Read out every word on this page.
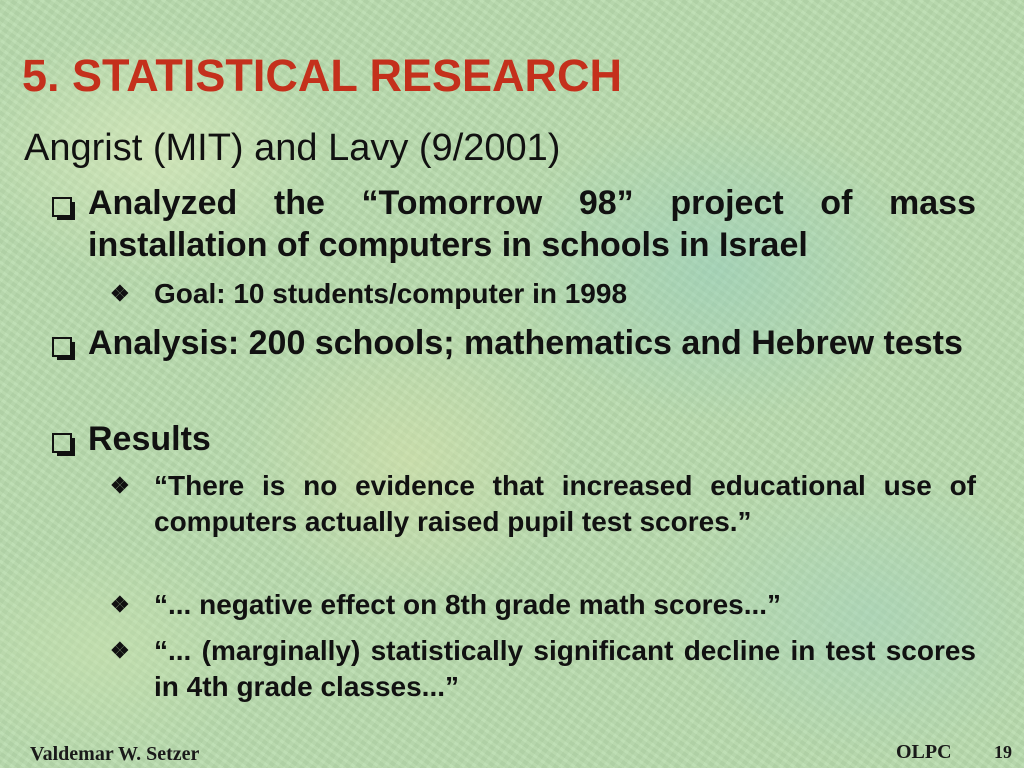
5. STATISTICAL RESEARCH
Angrist (MIT) and Lavy (9/2001)
Analyzed the “Tomorrow 98” project of mass installation of computers in schools in Israel
❖ Goal: 10 students/computer in 1998
Analysis: 200 schools; mathematics and Hebrew tests
Results
❖ “There is no evidence that increased educational use of computers actually raised pupil test scores.”
❖ “... negative effect on 8th grade math scores...”
❖ “... (marginally) statistically significant decline in test scores in 4th grade classes...”
Valdemar W. Setzer	OLPC 19
